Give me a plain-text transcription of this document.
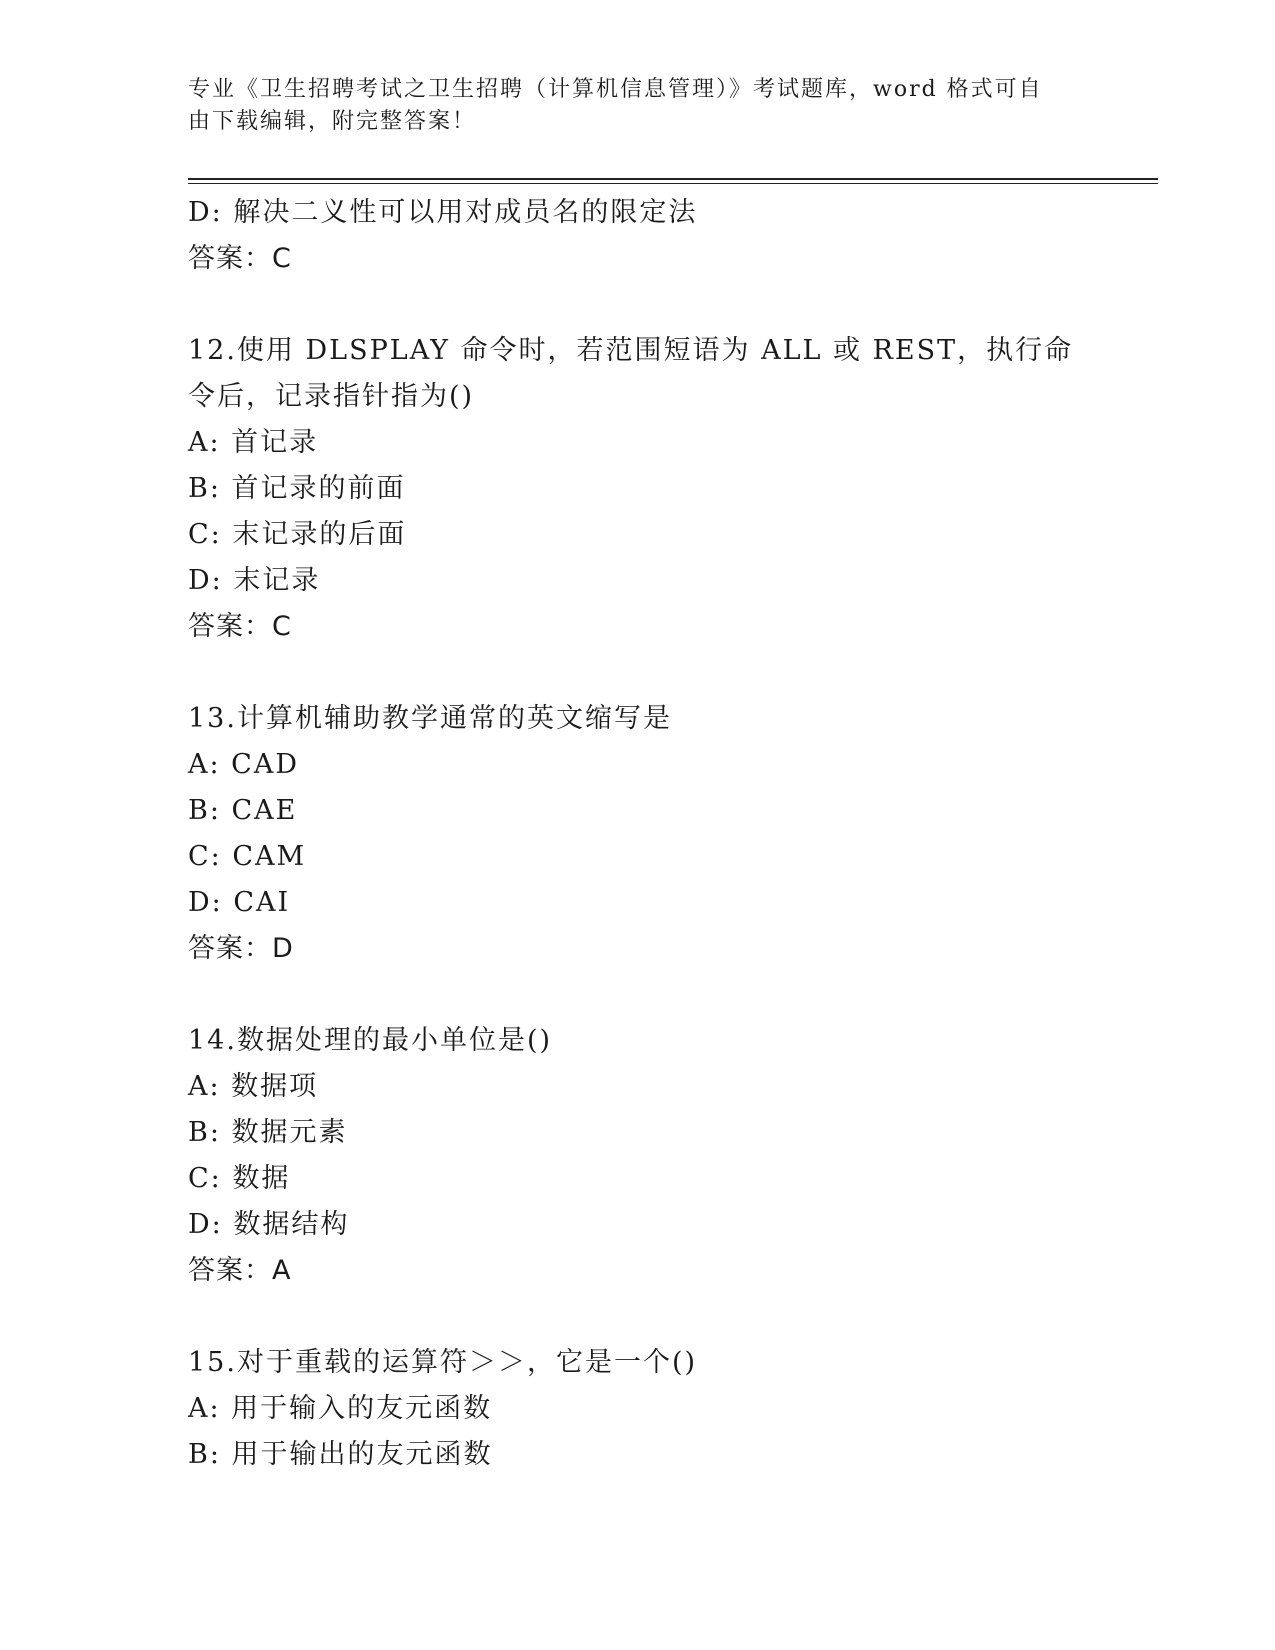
专业《卫生招聘考试之卫生招聘（计算机信息管理）》考试题库，word 格式可自
由下载编辑，附完整答案！
D: 解决二义性可以用对成员名的限定法
答案：C
12.使用 DLSPLAY 命令时，若范围短语为 ALL 或 REST，执行命令后，记录指针指为()
A: 首记录
B: 首记录的前面
C: 末记录的后面
D: 末记录
答案：C
13.计算机辅助教学通常的英文缩写是
A: CAD
B: CAE
C: CAM
D: CAI
答案：D
14.数据处理的最小单位是()
A: 数据项
B: 数据元素
C: 数据
D: 数据结构
答案：A
15.对于重载的运算符＞＞，它是一个()
A: 用于输入的友元函数
B: 用于输出的友元函数
